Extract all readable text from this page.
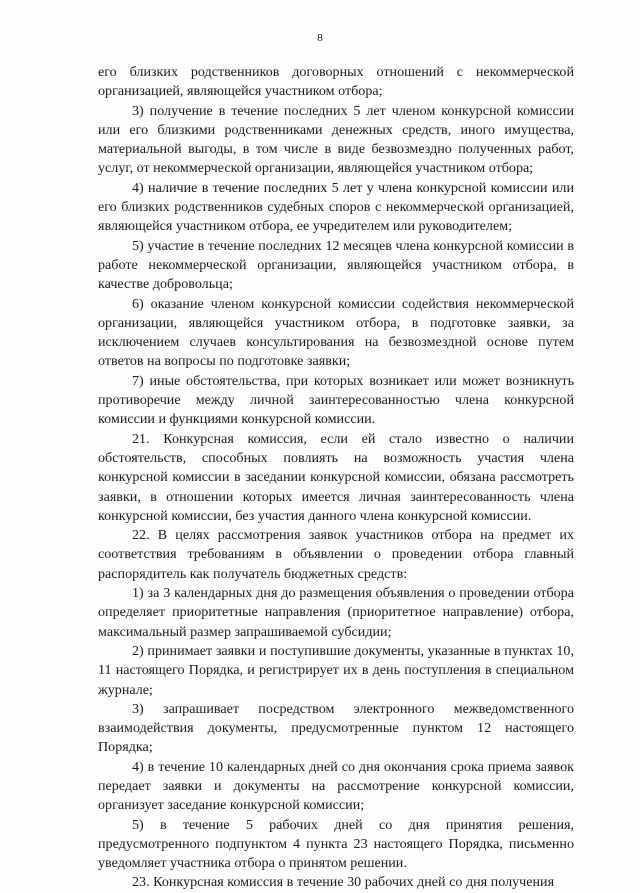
8

его близких родственников договорных отношений с некоммерческой организацией, являющейся участником отбора;

3) получение в течение последних 5 лет членом конкурсной комиссии или его близкими родственниками денежных средств, иного имущества, материальной выгоды, в том числе в виде безвозмездно полученных работ, услуг, от некоммерческой организации, являющейся участником отбора;

4) наличие в течение последних 5 лет у члена конкурсной комиссии или его близких родственников судебных споров с некоммерческой организацией, являющейся участником отбора, ее учредителем или руководителем;

5) участие в течение последних 12 месяцев члена конкурсной комиссии в работе некоммерческой организации, являющейся участником отбора, в качестве добровольца;

6) оказание членом конкурсной комиссии содействия некоммерческой организации, являющейся участником отбора, в подготовке заявки, за исключением случаев консультирования на безвозмездной основе путем ответов на вопросы по подготовке заявки;

7) иные обстоятельства, при которых возникает или может возникнуть противоречие между личной заинтересованностью члена конкурсной комиссии и функциями конкурсной комиссии.

21. Конкурсная комиссия, если ей стало известно о наличии обстоятельств, способных повлиять на возможность участия члена конкурсной комиссии в заседании конкурсной комиссии, обязана рассмотреть заявки, в отношении которых имеется личная заинтересованность члена конкурсной комиссии, без участия данного члена конкурсной комиссии.

22. В целях рассмотрения заявок участников отбора на предмет их соответствия требованиям в объявлении о проведении отбора главный распорядитель как получатель бюджетных средств:

1) за 3 календарных дня до размещения объявления о проведении отбора определяет приоритетные направления (приоритетное направление) отбора, максимальный размер запрашиваемой субсидии;

2) принимает заявки и поступившие документы, указанные в пунктах 10, 11 настоящего Порядка, и регистрирует их в день поступления в специальном журнале;

3) запрашивает посредством электронного межведомственного взаимодействия документы, предусмотренные пунктом 12 настоящего Порядка;

4) в течение 10 календарных дней со дня окончания срока приема заявок передает заявки и документы на рассмотрение конкурсной комиссии, организует заседание конкурсной комиссии;

5) в течение 5 рабочих дней со дня принятия решения, предусмотренного подпунктом 4 пункта 23 настоящего Порядка, письменно уведомляет участника отбора о принятом решении.

23. Конкурсная комиссия в течение 30 рабочих дней со дня получения
